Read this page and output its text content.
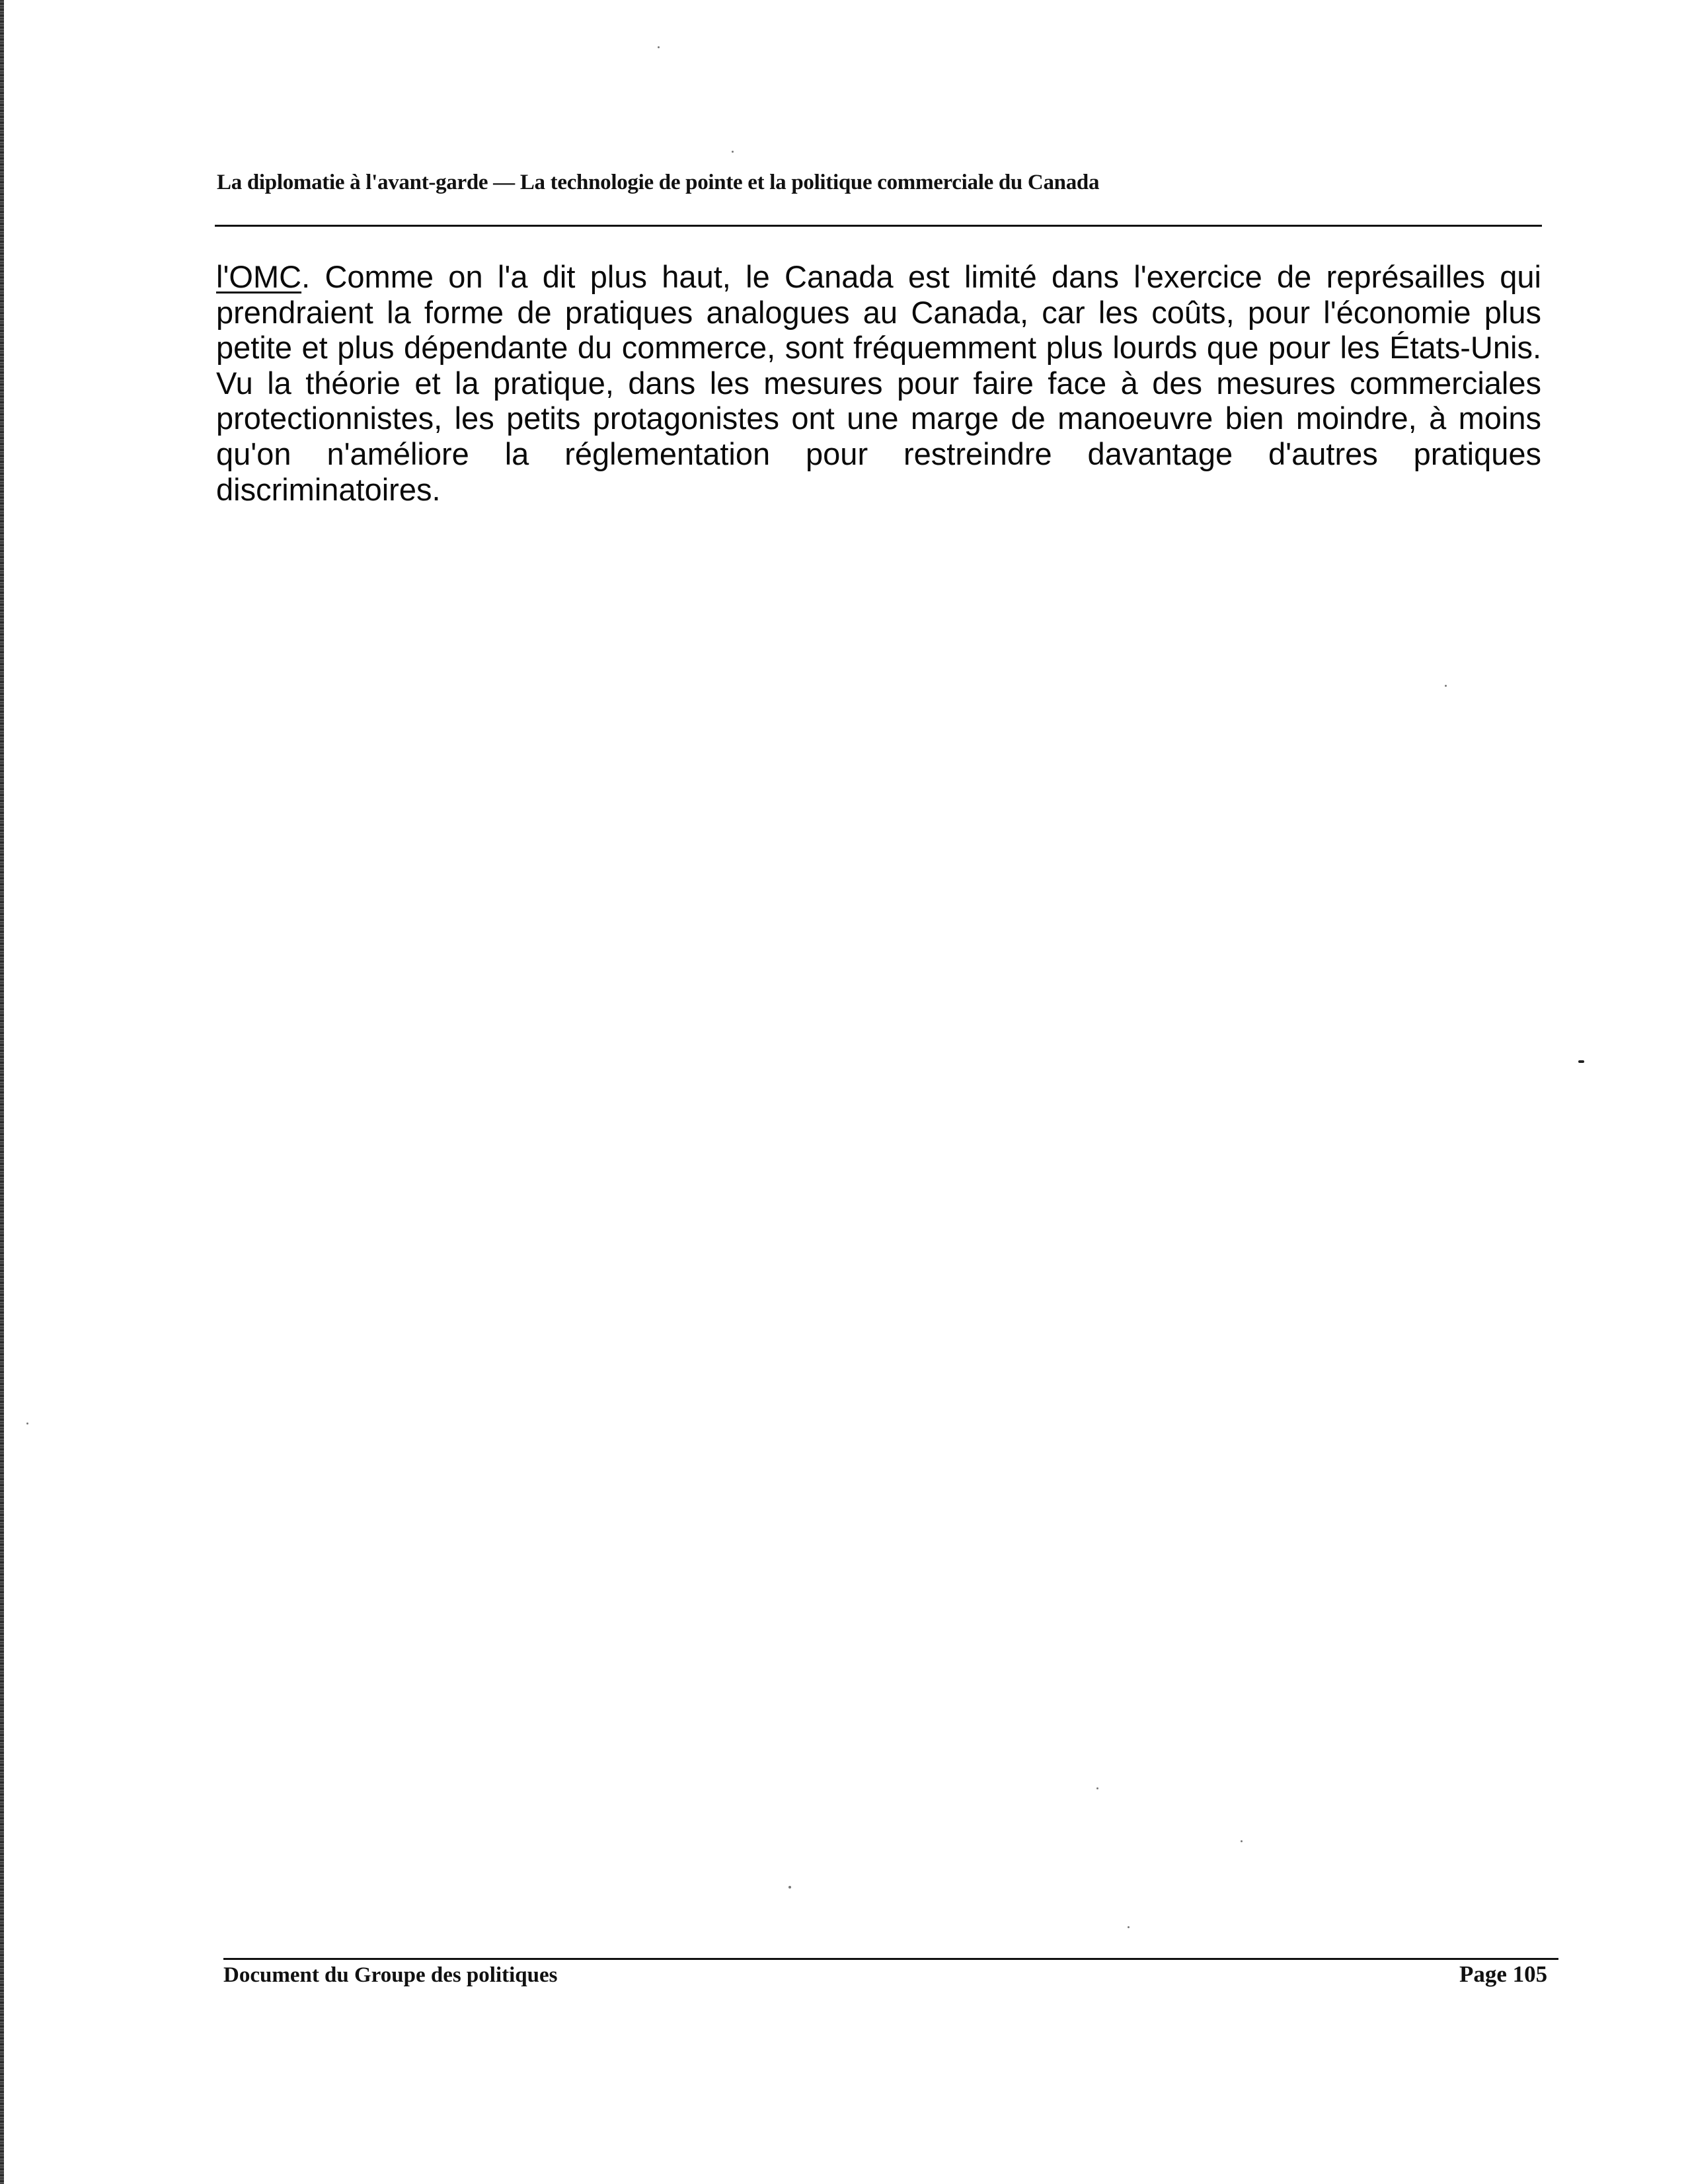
La diplomatie à l'avant-garde — La technologie de pointe et la politique commerciale du Canada
l'OMC. Comme on l'a dit plus haut, le Canada est limité dans l'exercice de représailles qui prendraient la forme de pratiques analogues au Canada, car les coûts, pour l'économie plus petite et plus dépendante du commerce, sont fréquemment plus lourds que pour les États-Unis. Vu la théorie et la pratique, dans les mesures pour faire face à des mesures commerciales protectionnistes, les petits protagonistes ont une marge de manoeuvre bien moindre, à moins qu'on n'améliore la réglementation pour restreindre davantage d'autres pratiques discriminatoires.
Document du Groupe des politiques	Page 105
